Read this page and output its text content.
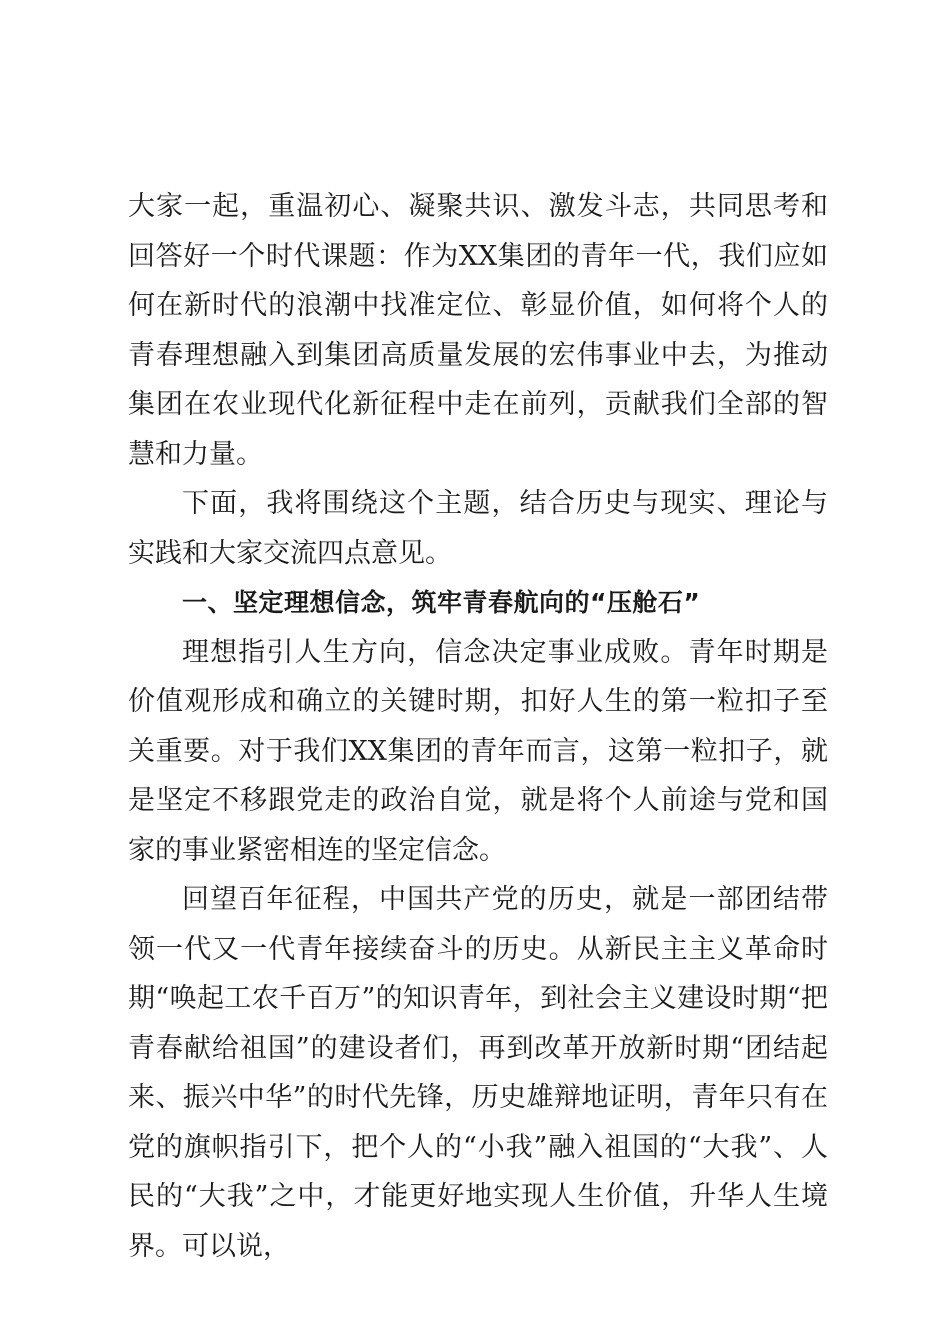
大家一起，重温初心、凝聚共识、激发斗志，共同思考和回答好一个时代课题：作为XX集团的青年一代，我们应如何在新时代的浪潮中找准定位、彰显价值，如何将个人的青春理想融入到集团高质量发展的宏伟事业中去，为推动集团在农业现代化新征程中走在前列，贡献我们全部的智慧和力量。

下面，我将围绕这个主题，结合历史与现实、理论与实践和大家交流四点意见。

一、坚定理想信念，筑牢青春航向的“压舱石”

理想指引人生方向，信念决定事业成败。青年时期是价值观形成和确立的关键时期，扣好人生的第一粒扣子至关重要。对于我们XX集团的青年而言，这第一粒扣子，就是坚定不移跟党走的政治自觉，就是将个人前途与党和国家的事业紧密相连的坚定信念。

回望百年征程，中国共产党的历史，就是一部团结带领一代又一代青年接续奋斗的历史。从新民主主义革命时期“唤起工农千百万”的知识青年，到社会主义建设时期“把青春献给祖国”的建设者们，再到改革开放新时期“团结起来、振兴中华”的时代先锋，历史雄辩地证明，青年只有在党的旗帜指引下，把个人的“小我”融入祖国的“大我”、人民的“大我”之中，才能更好地实现人生价值，升华人生境界。可以说，
